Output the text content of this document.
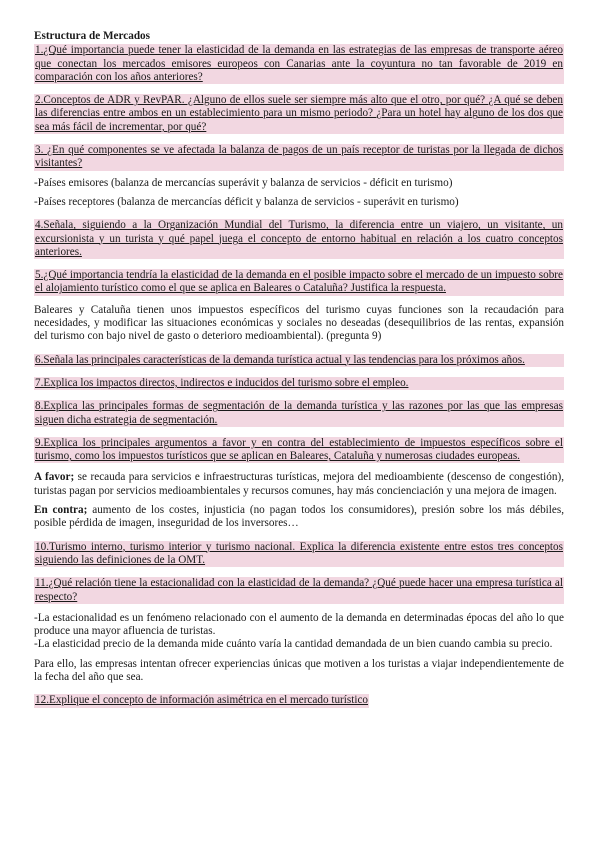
Estructura de Mercados
1.¿Qué importancia puede tener la elasticidad de la demanda en las estrategias de las empresas de transporte aéreo que conectan los mercados emisores europeos con Canarias ante la coyuntura no tan favorable de 2019 en comparación con los años anteriores?
2.Conceptos de ADR y RevPAR. ¿Alguno de ellos suele ser siempre más alto que el otro, por qué? ¿A qué se deben las diferencias entre ambos en un establecimiento para un mismo periodo? ¿Para un hotel hay alguno de los dos que sea más fácil de incrementar, por qué?
3. ¿En qué componentes se ve afectada la balanza de pagos de un país receptor de turistas por la llegada de dichos visitantes?
-Países emisores (balanza de mercancías superávit y balanza de servicios - déficit en turismo)
-Países receptores (balanza de mercancías déficit y balanza de servicios - superávit en turismo)
4.Señala, siguiendo a la Organización Mundial del Turismo, la diferencia entre un viajero, un visitante, un excursionista y un turista y qué papel juega el concepto de entorno habitual en relación a los cuatro conceptos anteriores.
5.¿Qué importancia tendría la elasticidad de la demanda en el posible impacto sobre el mercado de un impuesto sobre el alojamiento turístico como el que se aplica en Baleares o Cataluña? Justifica la respuesta.
Baleares y Cataluña tienen unos impuestos específicos del turismo cuyas funciones son la recaudación para necesidades, y modificar las situaciones económicas y sociales no deseadas (desequilibrios de las rentas, expansión del turismo con bajo nivel de gasto o deterioro medioambiental). (pregunta 9)
6.Señala las principales características de la demanda turística actual y las tendencias para los próximos años.
7.Explica los impactos directos, indirectos e inducidos del turismo sobre el empleo.
8.Explica las principales formas de segmentación de la demanda turística y las razones por las que las empresas siguen dicha estrategia de segmentación.
9.Explica los principales argumentos a favor y en contra del establecimiento de impuestos específicos sobre el turismo, como los impuestos turísticos que se aplican en Baleares, Cataluña y numerosas ciudades europeas.
A favor; se recauda para servicios e infraestructuras turísticas, mejora del medioambiente (descenso de congestión), turistas pagan por servicios medioambientales y recursos comunes, hay más concienciación y una mejora de imagen.
En contra; aumento de los costes, injusticia (no pagan todos los consumidores), presión sobre los más débiles, posible pérdida de imagen, inseguridad de los inversores…
10.Turismo interno, turismo interior y turismo nacional. Explica la diferencia existente entre estos tres conceptos siguiendo las definiciones de la OMT.
11.¿Qué relación tiene la estacionalidad con la elasticidad de la demanda? ¿Qué puede hacer una empresa turística al respecto?
-La estacionalidad es un fenómeno relacionado con el aumento de la demanda en determinadas épocas del año lo que produce una mayor afluencia de turistas.
-La elasticidad precio de la demanda mide cuánto varía la cantidad demandada de un bien cuando cambia su precio.
Para ello, las empresas intentan ofrecer experiencias únicas que motiven a los turistas a viajar independientemente de la fecha del año que sea.
12.Explique el concepto de información asimétrica en el mercado turístico
